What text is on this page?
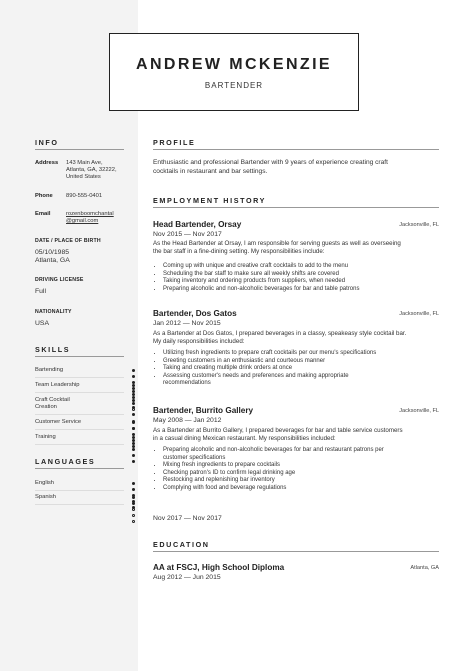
ANDREW MCKENZIE
BARTENDER
INFO
Address 143 Main Ave,
Atlanta, GA, 32222,
United States
Phone 890-555-0401
Email	rozenboomchantal
@gmail.com
DATE / PLACE OF BIRTH
05/10/1985
Atlanta, GA
DRIVING LICENSE
Full
NATIONALITY
USA
SKILLS
Bartending
Team Leadership
Craft Cocktail Creation
Customer Service
Training
LANGUAGES
English
Spanish
PROFILE
Enthusiastic and professional Bartender with 9 years of experience creating craft
cocktails in restaurant and bar settings.
EMPLOYMENT HISTORY
Head Bartender, Orsay	Jacksonville, FL
Nov 2015 — Nov 2017
As the Head Bartender at Orsay, I am responsible for serving guests as well as overseeing
the bar staff in a fine-dining setting. My responsibilities include:
• Coming up with unique and creative craft cocktails to add to the menu
• Scheduling the bar staff to make sure all weekly shifts are covered
• Taking inventory and ordering products from suppliers, when needed
• Preparing alcoholic and non-alcoholic beverages for bar and table patrons
Bartender, Dos Gatos	Jacksonville, FL
Jan 2012 — Nov 2015
As a Bartender at Dos Gatos, I prepared beverages in a classy, speakeasy style cocktail bar.
My daily responsibilities included:
• Utilizing fresh ingredients to prepare craft cocktails per our menu's specifications
• Greeting customers in an enthusiastic and courteous manner
• Taking and creating multiple drink orders at once
• Assessing customer's needs and preferences and making appropriate
recommendations
Bartender, Burrito Gallery	Jacksonville, FL
May 2008 — Jan 2012
As a Bartender at Burrito Gallery, I prepared beverages for bar and table service customers
in a casual dining Mexican restaurant. My responsibilities included:
• Preparing alcoholic and non-alcoholic beverages for bar and restaurant patrons per
customer specifications
• Mixing fresh ingredients to prepare cocktails
• Checking patron's ID to confirm legal drinking age
• Restocking and replenishing bar inventory
• Complying with food and beverage regulations
Nov 2017 — Nov 2017
EDUCATION
AA at FSCJ, High School Diploma	Atlanta, GA
Aug 2012 — Jun 2015
